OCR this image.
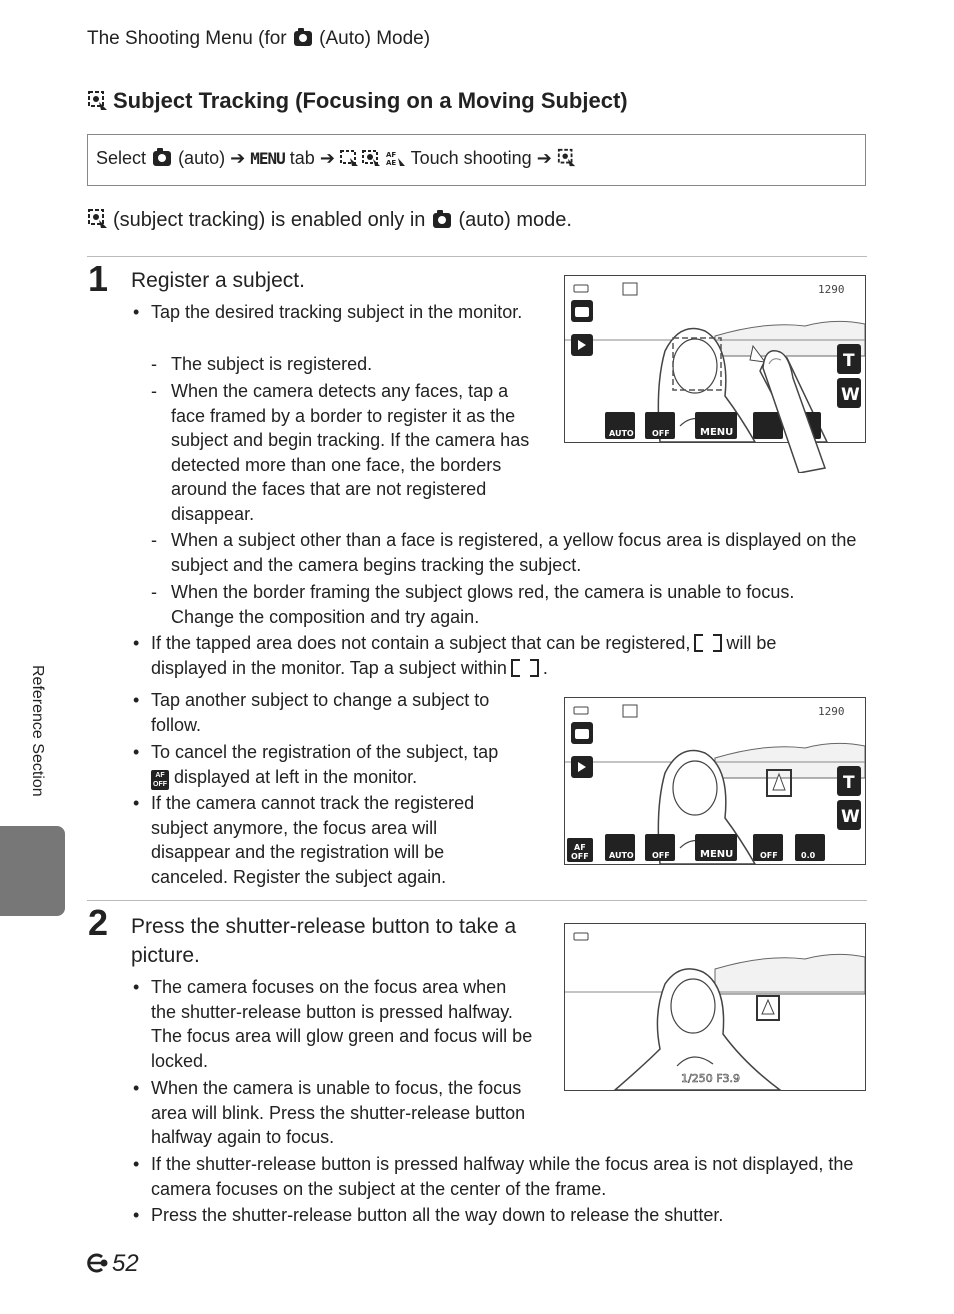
The Shooting Menu (for  (Auto) Mode)
Subject Tracking (Focusing on a Moving Subject)
Select (auto) ➔ MENU tab ➔	AF
AE Touch shooting ➔
(subject tracking) is enabled only in (auto) mode.
1 Register a subject.
• Tap the desired tracking subject in the monitor.
- The subject is registered.
- When the camera detects any faces, tap a face framed by a border to register it as the subject and begin tracking. If the camera has detected more than one face, the borders around the faces that are not registered disappear.
- When a subject other than a face is registered, a yellow focus area is displayed on the subject and the camera begins tracking the subject.
- When the border framing the subject glows red, the camera is unable to focus. Change the composition and try again.
• If the tapped area does not contain a subject that can be registered, will be
displayed in the monitor. Tap a subject within .
• Tap another subject to change a subject to follow.
• To cancel the registration of the subject, tap
AF
OFF displayed at left in the monitor.
• If the camera cannot track the registered subject anymore, the focus area will disappear and the registration will be canceled. Register the subject again.
1290
T
W
AUTO OFF	MENU
1290
T
W
AF
OFF	AUTO OFF	MENU	OFF	0.0
2 Press the shutter-release button to take a picture.
• The camera focuses on the focus area when the shutter-release button is pressed halfway. The focus area will glow green and focus will be locked.
• When the camera is unable to focus, the focus area will blink. Press the shutter-release button halfway again to focus.
• If the shutter-release button is pressed halfway while the focus area is not displayed, the camera focuses on the subject at the center of the frame.
• Press the shutter-release button all the way down to release the shutter.
1/250 F3.9
Reference Section
52
